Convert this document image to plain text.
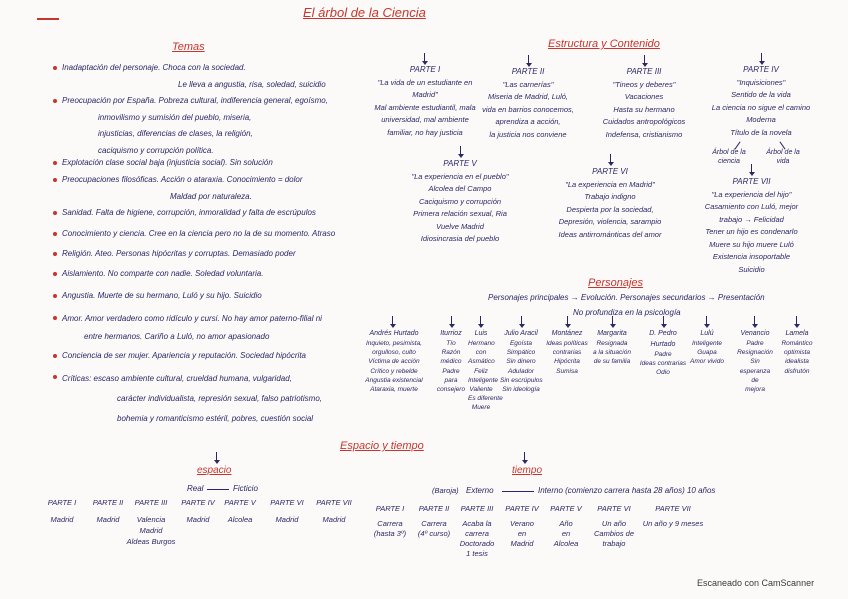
El árbol de la Ciencia
Temas
Inadaptación del personaje. Choca con la sociedad.
Le lleva a angustia, risa, soledad, suicidio
Preocupación por España. Pobreza cultural, indiferencia general, egoísmo,
inmovilismo y sumisión del pueblo, miseria,
injusticias, diferencias de clases, la religión,
caciquismo y corrupción política.
Explotación clase social baja (injusticia social). Sin solución
Preocupaciones filosóficas. Acción o ataraxia. Conocimiento = dolor
Maldad por naturaleza.
Sanidad. Falta de higiene, corrupción, inmoralidad y falta de escrúpulos
Conocimiento y ciencia. Cree en la ciencia pero no la de su momento. Atraso
Religión. Ateo. Personas hipócritas y corruptas. Demasiado poder
Aislamiento. No comparte con nadie. Soledad voluntaria.
Angustia. Muerte de su hermano, Luló y su hijo. Suicidio
Amor. Amor verdadero como ridículo y cursi. No hay amor paterno-filial ni
entre hermanos. Cariño a Luló, no amor apasionado
Conciencia de ser mujer. Apariencia y reputación. Sociedad hipócrita
Críticas: escaso ambiente cultural, crueldad humana, vulgaridad,
carácter individualista, represión sexual, falso patriotismo,
bohemia y romanticismo estéril, pobres, cuestión social
Estructura y Contenido
PARTE I
"La vida de un estudiante en
Madrid"
Mal ambiente estudiantil, mala
universidad, mal ambiente
familiar, no hay justicia
PARTE II
"Las carnerías"
Miseria de Madrid, Luló,
vida en barrios conocemos,
aprendiza a acción,
la justicia nos conviene
PARTE III
"Tineos y deberes"
Vacaciones
Hasta su hermano
Cuidados antropológicos
Indefensa, cristianismo
PARTE IV
"Inquisiciones"
Sentido de la vida
La ciencia no sigue el camino
Moderna
Título de la novela
Árbol de la ciencia
Árbol de la vida
PARTE V
"La experiencia en el pueblo"
Alcolea del Campo
Caciquismo y corrupción
Primera relación sexual, Ria
Vuelve Madrid
Idiosincrasia del pueblo
PARTE VI
"La experiencia en Madrid"
Trabajo indigno
Despierta por la sociedad,
Depresión, violencia, sarampio
Ideas antirrománticas del amor
PARTE VII
"La experiencia del hijo"
Casamiento con Luló, mejor
trabajo → Felicidad
Tener un hijo es condenarlo
Muere su hijo muere Luló
Existencia insoportable
Suicidio
Personajes
Personajes principales → Evolución. Personajes secundarios → Presentación
No profundiza en la psicología
Andrés Hurtado
Inquieto, pesimista,
orgulloso, culto
Víctima de acción
Crítico y rebelde
Angustia existencial
Ataraxia, muerte
Iturrioz
Tío
Razón
médico
Padre
para
consejero
Luis
Hermano
con
Asmático
Feliz
Inteligente
Valiente
Es diferente
Muere
Julio Aracil
Egoísta
Simpático
Sin dinero
Adulador
Sin escrúpulos
Sin ideología
Montánez
Ideas políticas
contrarias
Hipócrita
Sumisa
Margarita
Resignada
a la situación
de su familia
D. Pedro Hurtado
Padre
Ideas contrarias
Odio
Lulú
Inteligente
Guapa
Amor vivido
Venancio
Padre
Resignación
Sin
esperanza
de
mejora
Lamela
Romántico
optimista
idealista
disfrutón
Espacio y tiempo
espacio
Real	Ficticio
PARTE I
Madrid
PARTE II
Madrid
PARTE III
Valencia
Madrid
Aldeas Burgos
PARTE IV
Madrid
PARTE V
Alcolea
PARTE VI
Madrid
PARTE VII
Madrid
tiempo
(Baroja) Externo	Interno (comienzo carrera hasta 28 años) 10 años
PARTE I
Carrera
(hasta 3º)
PARTE II
Carrera
(4º curso)
PARTE III
Acaba la
carrera
Doctorado
1 tesis
PARTE IV
Verano
en
Madrid
PARTE V
Año
en
Alcolea
PARTE VI
Un año
Cambios de
trabajo
PARTE VII
Un año y 9 meses
Escaneado con CamScanner
